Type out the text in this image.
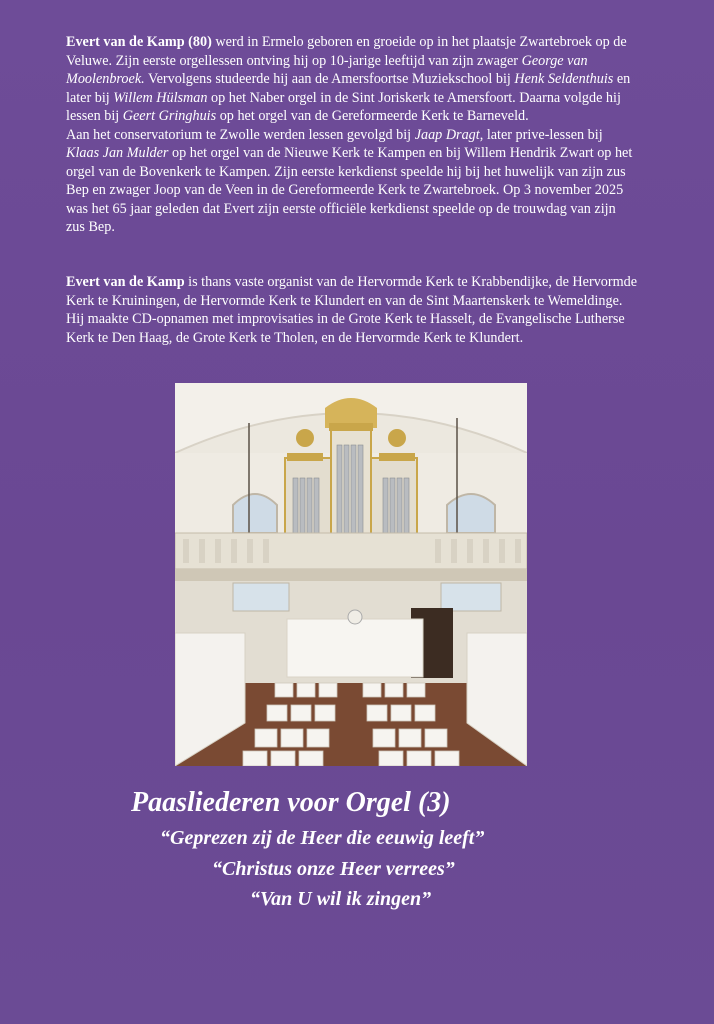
Evert van de Kamp (80) werd in Ermelo geboren en groeide op in het plaatsje Zwartebroek op de Veluwe. Zijn eerste orgellessen ontving hij op 10-jarige leeftijd van zijn zwager George van Moolenbroek. Vervolgens studeerde hij aan de Amersfoortse Muziekschool bij Henk Seldenthuis en later bij Willem Hülsman op het Naber orgel in de Sint Joriskerk te Amersfoort. Daarna volgde hij lessen bij Geert Gringhuis op het orgel van de Gereformeerde Kerk te Barneveld.
Aan het conservatorium te Zwolle werden lessen gevolgd bij Jaap Dragt, later prive-lessen bij Klaas Jan Mulder op het orgel van de Nieuwe Kerk te Kampen en bij Willem Hendrik Zwart op het orgel van de Bovenkerk te Kampen. Zijn eerste kerkdienst speelde hij bij het huwelijk van zijn zus Bep en zwager Joop van de Veen in de Gereformeerde Kerk te Zwartebroek. Op 3 november 2025 was het 65 jaar geleden dat Evert zijn eerste officiële kerkdienst speelde op de trouwdag van zijn zus Bep.
Evert van de Kamp is thans vaste organist van de Hervormde Kerk te Krabbendijke, de Hervormde Kerk te Kruiningen, de Hervormde Kerk te Klundert en van de Sint Maartenskerk te Wemeldinge. Hij maakte CD-opnamen met improvisaties in de Grote Kerk te Hasselt, de Evangelische Lutherse Kerk te Den Haag, de Grote Kerk te Tholen, en de Hervormde Kerk te Klundert.
Paasliederen voor Orgel (3)
“Geprezen zij de Heer die eeuwig leeft”
“Christus onze Heer verrees”
“Van U wil ik zingen”
